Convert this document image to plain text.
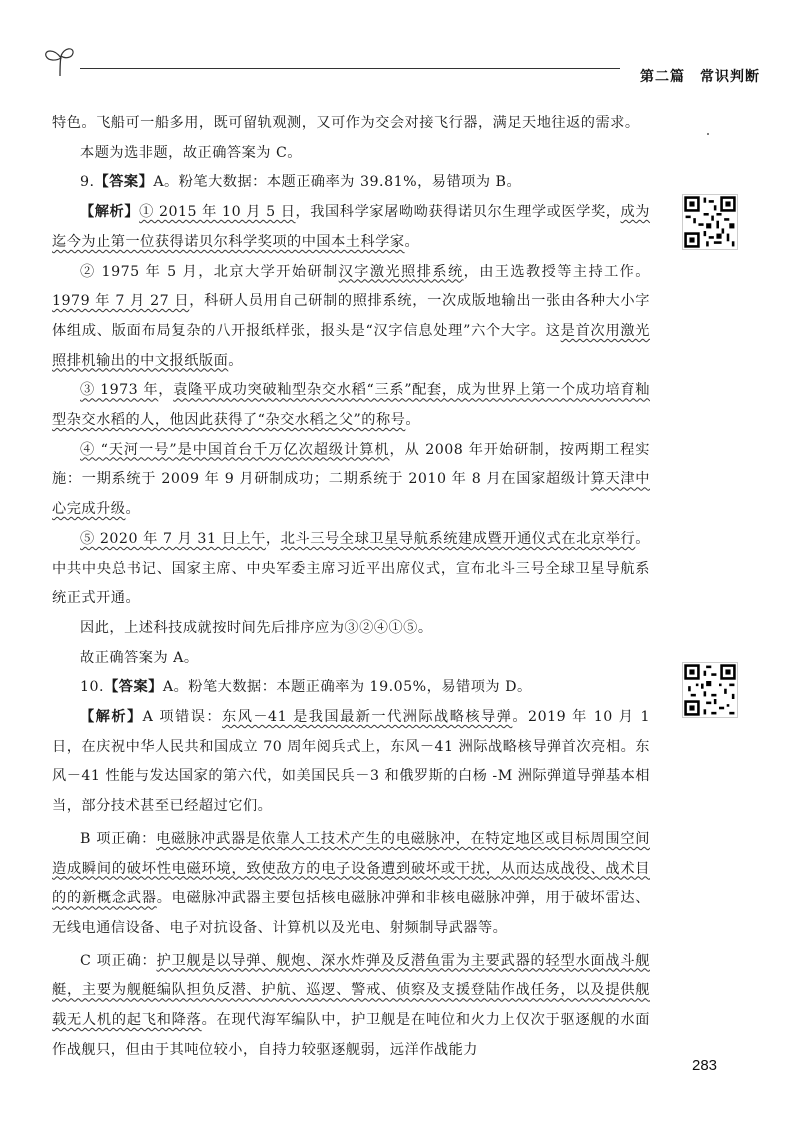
第二篇　常识判断

特色。飞船可一船多用，既可留轨观测，又可作为交会对接飞行器，满足天地往返的需求。

本题为选非题，故正确答案为 C。

9.【答案】A。粉笔大数据：本题正确率为 39.81%，易错项为 B。

【解析】① 2015 年 10 月 5 日，我国科学家屠呦呦获得诺贝尔生理学或医学奖，成为迄今为止第一位获得诺贝尔科学奖项的中国本土科学家。

② 1975 年 5 月，北京大学开始研制汉字激光照排系统，由王选教授等主持工作。1979 年 7 月 27 日，科研人员用自己研制的照排系统，一次成版地输出一张由各种大小字体组成、版面布局复杂的八开报纸样张，报头是“汉字信息处理”六个大字。这是首次用激光照排机输出的中文报纸版面。

③ 1973 年，袁隆平成功突破籼型杂交水稻“三系”配套，成为世界上第一个成功培育籼型杂交水稻的人，他因此获得了“杂交水稻之父”的称号。

④ “天河一号”是中国首台千万亿次超级计算机，从 2008 年开始研制，按两期工程实施：一期系统于 2009 年 9 月研制成功；二期系统于 2010 年 8 月在国家超级计算天津中心完成升级。

⑤ 2020 年 7 月 31 日上午，北斗三号全球卫星导航系统建成暨开通仪式在北京举行。中共中央总书记、国家主席、中央军委主席习近平出席仪式，宣布北斗三号全球卫星导航系统正式开通。

因此，上述科技成就按时间先后排序应为③②④①⑤。

故正确答案为 A。

10.【答案】A。粉笔大数据：本题正确率为 19.05%，易错项为 D。

【解析】A 项错误：东风－41 是我国最新一代洲际战略核导弹。2019 年 10 月 1 日，在庆祝中华人民共和国成立 70 周年阅兵式上，东风－41 洲际战略核导弹首次亮相。东风－41 性能与发达国家的第六代，如美国民兵－3 和俄罗斯的白杨 -M 洲际弹道导弹基本相当，部分技术甚至已经超过它们。

B 项正确：电磁脉冲武器是依靠人工技术产生的电磁脉冲，在特定地区或目标周围空间造成瞬间的破坏性电磁环境，致使敌方的电子设备遭到破坏或干扰，从而达成战役、战术目的的新概念武器。电磁脉冲武器主要包括核电磁脉冲弹和非核电磁脉冲弹，用于破坏雷达、无线电通信设备、电子对抗设备、计算机以及光电、射频制导武器等。

C 项正确：护卫舰是以导弹、舰炮、深水炸弹及反潜鱼雷为主要武器的轻型水面战斗舰艇，主要为舰艇编队担负反潜、护航、巡逻、警戒、侦察及支援登陆作战任务，以及提供舰载无人机的起飞和降落。在现代海军编队中，护卫舰是在吨位和火力上仅次于驱逐舰的水面作战舰只，但由于其吨位较小，自持力较驱逐舰弱，远洋作战能力

283
